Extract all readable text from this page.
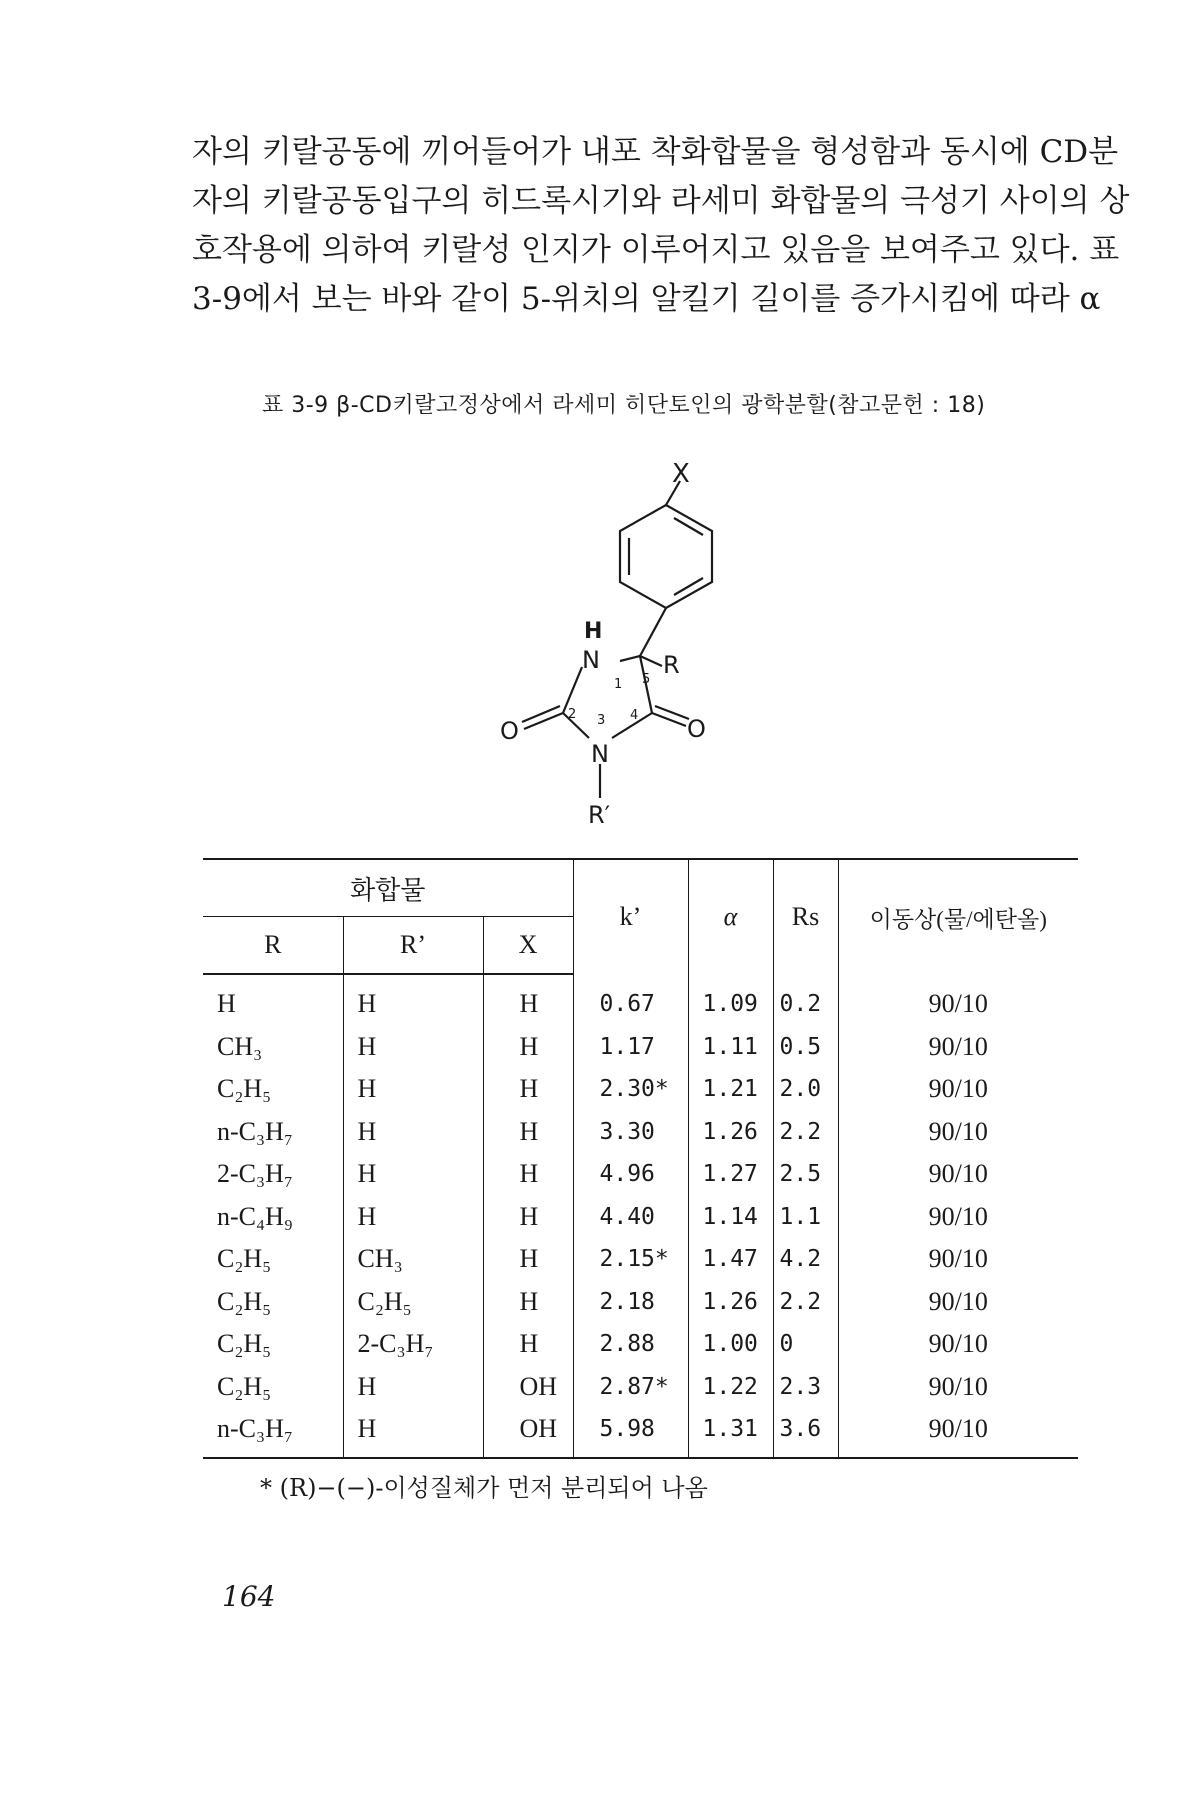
자의 키랄공동에 끼어들어가 내포 착화합물을 형성함과 동시에 CD분

자의 키랄공동입구의 히드록시기와 라세미 화합물의 극성기 사이의 상

호작용에 의하여 키랄성 인지가 이루어지고 있음을 보여주고 있다. 표

3-9에서 보는 바와 같이 5-위치의 알킬기 길이를 증가시킴에 따라 α

표 3-9 β-CD키랄고정상에서 라세미 히단토인의 광학분할(참고문헌 : 18)
X
H
N	R
N
R′
O	O
1 5
2 3 4
화합물			k’	α	Rs	이동상(물/에탄올)
R	R’	X				
H	H	H	0.67	1.09	0.2	90/10
CH₃	H	H	1.17	1.11	0.5	90/10
C₂H₅	H	H	2.30*	1.21	2.0	90/10
n-C₃H₇	H	H	3.30	1.26	2.2	90/10
2-C₃H₇	H	H	4.96	1.27	2.5	90/10
n-C₄H₉	H	H	4.40	1.14	1.1	90/10
C₂H₅	CH₃	H	2.15*	1.47	4.2	90/10
C₂H₅	C₂H₅	H	2.18	1.26	2.2	90/10
C₂H₅	2-C₃H₇	H	2.88	1.00	0	90/10
C₂H₅	H	OH	2.87*	1.22	2.3	90/10
n-C₃H₇	H	OH	5.98	1.31	3.6	90/10
* (R)−(−)-이성질체가 먼저 분리되어 나옴
164
